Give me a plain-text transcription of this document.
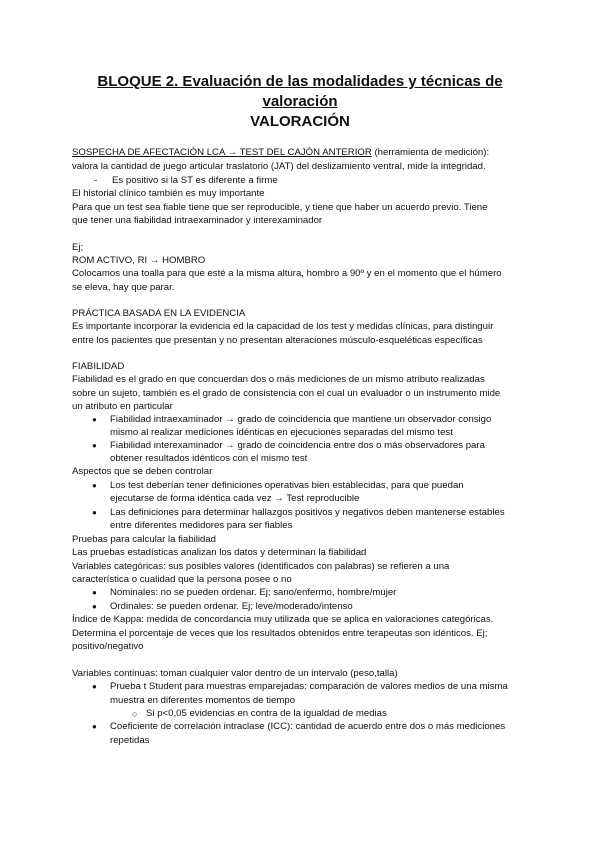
BLOQUE 2. Evaluación de las modalidades y técnicas de
valoración
VALORACIÓN
SOSPECHA DE AFECTACIÓN LCA → TEST DEL CAJÓN ANTERIOR (herramienta de medición):
valora la cantidad de juego articular traslatorio (JAT) del deslizamiento ventral, mide la integridad.
- Es positivo si la ST es diferente a firme
El historial clínico también es muy importante
Para que un test sea fiable tiene que ser reproducible, y tiene que haber un acuerdo previo. Tiene
que tener una fiabilidad intraexaminador y interexaminador
Ej;
ROM ACTIVO, RI → HOMBRO
Colocamos una toalla para que esté a la misma altura, hombro a 90º y en el momento que el húmero
se eleva, hay que parar.
PRÁCTICA BASADA EN LA EVIDENCIA
Es importante incorporar la evidencia ed la capacidad de los test y medidas clínicas, para distinguir
entre los pacientes que presentan y no presentan alteraciones músculo-esqueléticas específicas
FIABILIDAD
Fiabilidad es el grado en que concuerdan dos o más mediciones de un mismo atributo realizadas
sobre un sujeto, también es el grado de consistencia con el cual un evaluador o un instrumento mide
un atributo en particular
● Fiabilidad intraexaminador → grado de coincidencia que mantiene un observador consigo
mismo al realizar mediciones idénticas en ejecuciones separadas del mismo test
● Fiabilidad interexaminador → grado de coincidencia entre dos o más observadores para
obtener resultados idénticos con el mismo test
Aspectos que se deben controlar
● Los test deberían tener definiciones operativas bien establecidas, para que puedan
ejecutarse de forma idéntica cada vez → Test reproducible
● Las definiciones para determinar hallazgos positivos y negativos deben mantenerse estables
entre diferentes medidores para ser fiables
Pruebas para calcular la fiabilidad
Las pruebas estadísticas analizan los datos y determinan la fiabilidad
Variables categóricas: sus posibles valores (identificados con palabras) se refieren a una
característica o cualidad que la persona posee o no
● Nominales: no se pueden ordenar. Ej; sano/enfermo, hombre/mujer
● Ordinales: se pueden ordenar. Ej; leve/moderado/intenso
Índice de Kappa: medida de concordancia muy utilizada que se aplica en valoraciones categóricas.
Determina el porcentaje de veces que los resultados obtenidos entre terapeutas son idénticos. Ej;
positivo/negativo
Variables continuas: toman cualquier valor dentro de un intervalo (peso,talla)
● Prueba t Student para muestras emparejadas: comparación de valores medios de una misma
muestra en diferentes momentos de tiempo
○ Si p<0,05 evidencias en contra de la igualdad de medias
● Coeficiente de correlación intraclase (ICC): cantidad de acuerdo entre dos o más mediciones
repetidas
